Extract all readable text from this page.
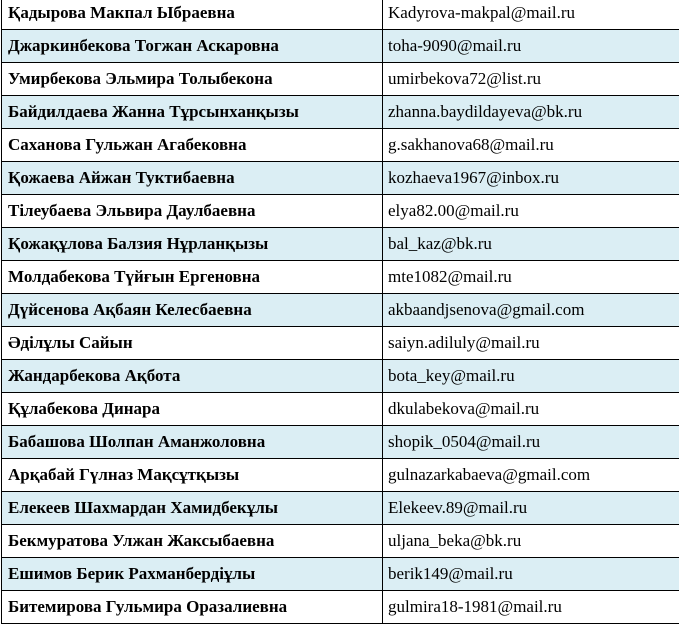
Қадырова Макпал Ыбраевна	Kadyrova-makpal@mail.ru
Джаркинбекова Тогжан Аскаровна	toha-9090@mail.ru
Умирбекова Эльмира Толыбекона	umirbekova72@list.ru
Байдилдаева Жанна Тұрсынханқызы	zhanna.baydildayeva@bk.ru
Саханова Гульжан Агабековна	g.sakhanova68@mail.ru
Қожаева Айжан Туктибаевна	kozhaeva1967@inbox.ru
Тілеубаева Эльвира Даулбаевна	elya82.00@mail.ru
Қожақұлова Балзия Нұрланқызы	bal_kaz@bk.ru
Молдабекова Түйғын Ергеновна	mte1082@mail.ru
Дүйсенова Ақбаян Келесбаевна	akbaandjsenova@gmail.com
Әділұлы Сайын	saiyn.adiluly@mail.ru
Жандарбекова Ақбота	bota_key@mail.ru
Құлабекова Динара	dkulabekova@mail.ru
Бабашова Шолпан Аманжоловна	shopik_0504@mail.ru
Арқабай Гүлназ Мақсұтқызы	gulnazarkabaeva@gmail.com
Елекеев Шахмардан Хамидбекұлы	Elekeev.89@mail.ru
Бекмуратова Улжан Жаксыбаевна	uljana_beka@bk.ru
Ешимов Берик Рахманбердіұлы	berik149@mail.ru
Битемирова Гульмира Оразалиевна	gulmira18-1981@mail.ru
